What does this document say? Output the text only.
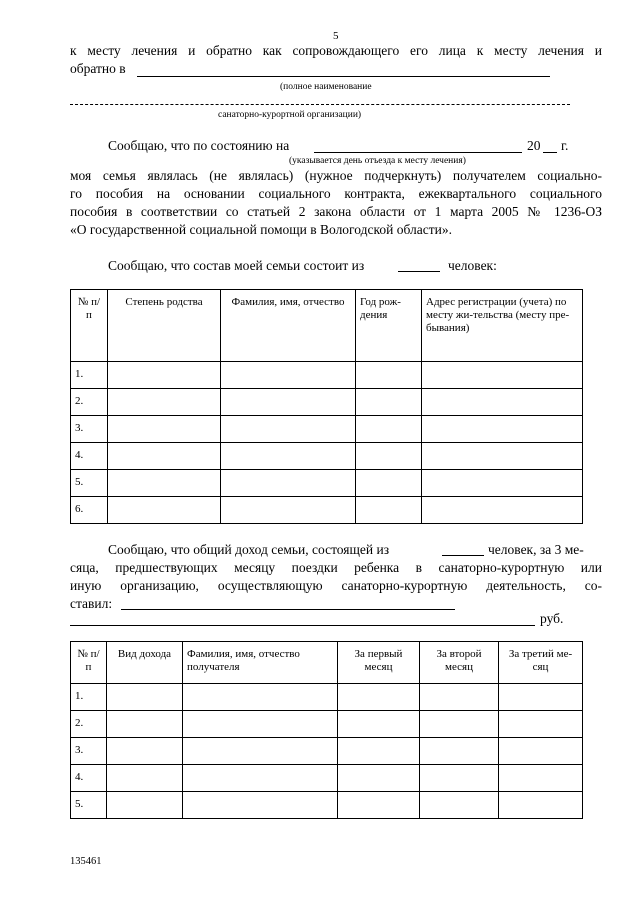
5
к месту лечения и обратно как сопровождающего его лица к месту лечения и
обратно в
(полное наименование
санаторно-курортной организации)
Сообщаю, что по состоянию на	20 г.
(указывается день отъезда к месту лечения)
моя семья являлась (не являлась) (нужное подчеркнуть) получателем социально-
го пособия на основании социального контракта, ежеквартального социального
пособия в соответствии со статьей 2 закона области от 1 марта 2005 № 1236-ОЗ
«О государственной социальной помощи в Вологодской области».
Сообщаю, что состав моей семьи состоит из	человек:
№ п/п	Степень родства	Фамилия, имя, отчество	Год рож-дения	Адрес регистрации (учета) по месту жи-тельства (месту пре-бывания)
1.				
2.				
3.				
4.				
5.				
6.				
Сообщаю, что общий доход семьи, состоящей из	человек, за 3 ме-
сяца, предшествующих месяцу поездки ребенка в санаторно-курортную или
иную организацию, осуществляющую санаторно-курортную деятельность, со-
ставил:
руб.
№ п/п	Вид дохода	Фамилия, имя, отчество получателя	За первый месяц	За второй месяц	За третий ме-сяц
1.					
2.					
3.					
4.					
5.					
135461
